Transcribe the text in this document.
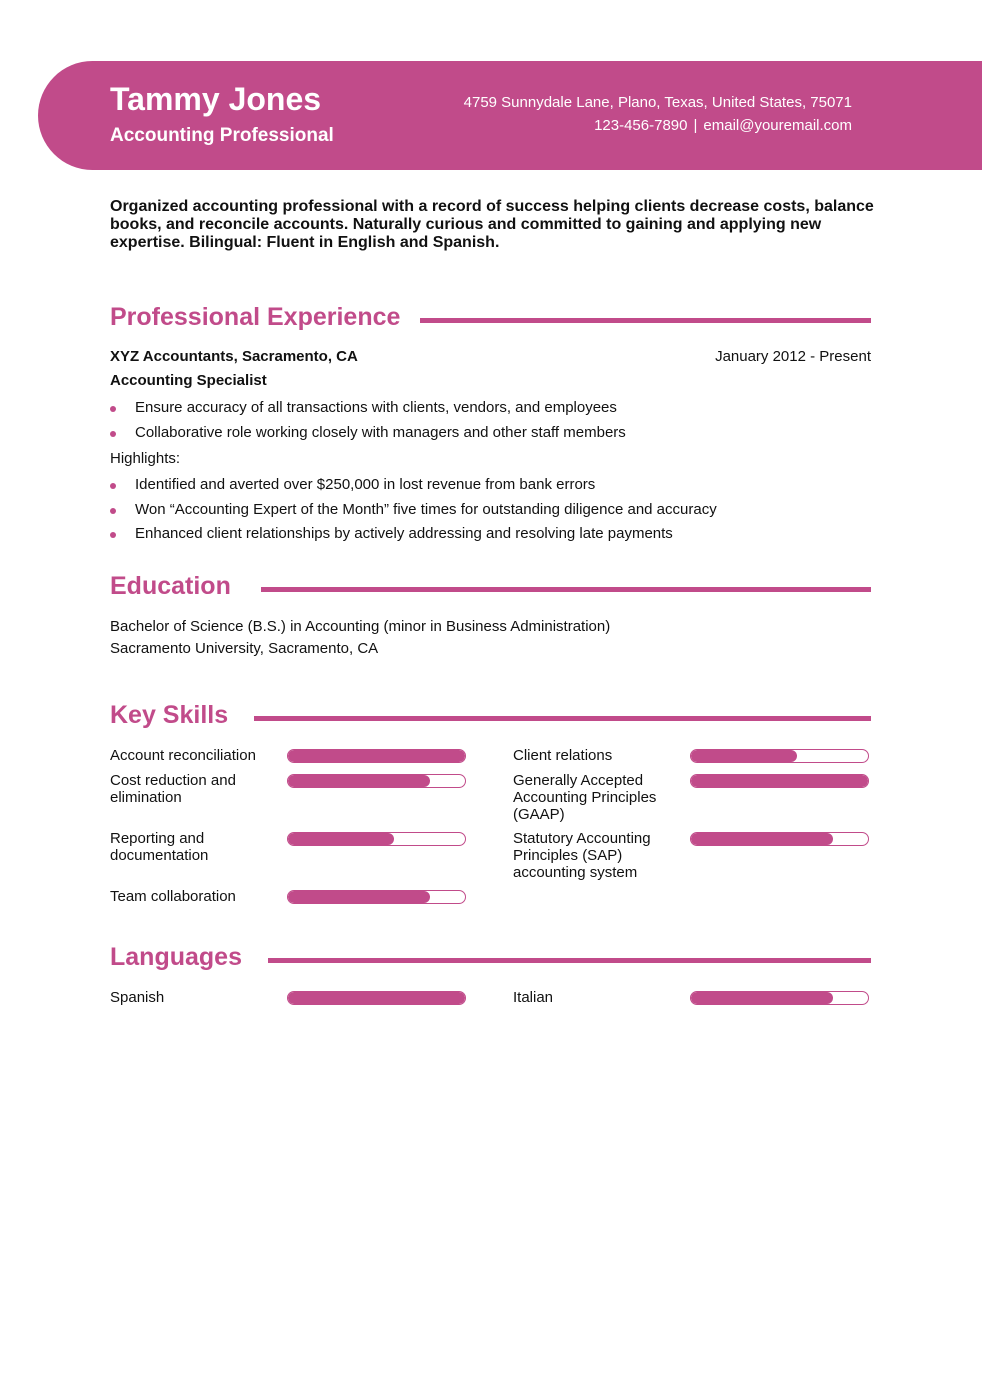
Tammy Jones
Accounting Professional
4759 Sunnydale Lane, Plano, Texas, United States, 75071
123-456-7890 | email@youremail.com
Organized accounting professional with a record of success helping clients decrease costs, balance books, and reconcile accounts. Naturally curious and committed to gaining and applying new expertise. Bilingual: Fluent in English and Spanish.
Professional Experience
XYZ Accountants, Sacramento, CA	January 2012 - Present
Accounting Specialist
Ensure accuracy of all transactions with clients, vendors, and employees
Collaborative role working closely with managers and other staff members
Highlights:
Identified and averted over $250,000 in lost revenue from bank errors
Won “Accounting Expert of the Month” five times for outstanding diligence and accuracy
Enhanced client relationships by actively addressing and resolving late payments
Education
Bachelor of Science (B.S.) in Accounting (minor in Business Administration)
Sacramento University, Sacramento, CA
Key Skills
Account reconciliation
Cost reduction and elimination
Reporting and documentation
Team collaboration
Client relations
Generally Accepted Accounting Principles (GAAP)
Statutory Accounting Principles (SAP) accounting system
Languages
Spanish	Italian
